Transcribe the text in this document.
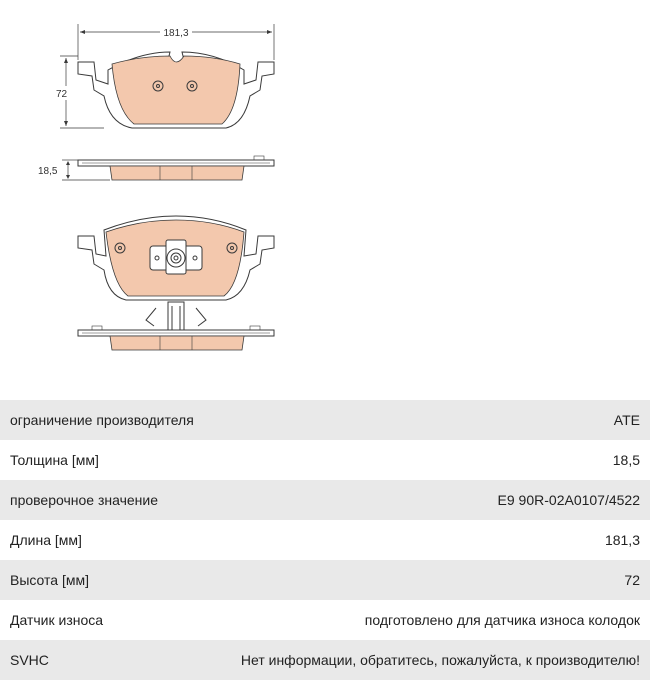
181,3
72
18,5
ограничение производителя	ATE
Толщина [мм]	18,5
проверочное значение	E9 90R-02A0107/4522
Длина [мм]	181,3
Высота [мм]	72
Датчик износа	подготовлено для датчика износа колодок
SVHC	Нет информации, обратитесь, пожалуйста, к производителю!
